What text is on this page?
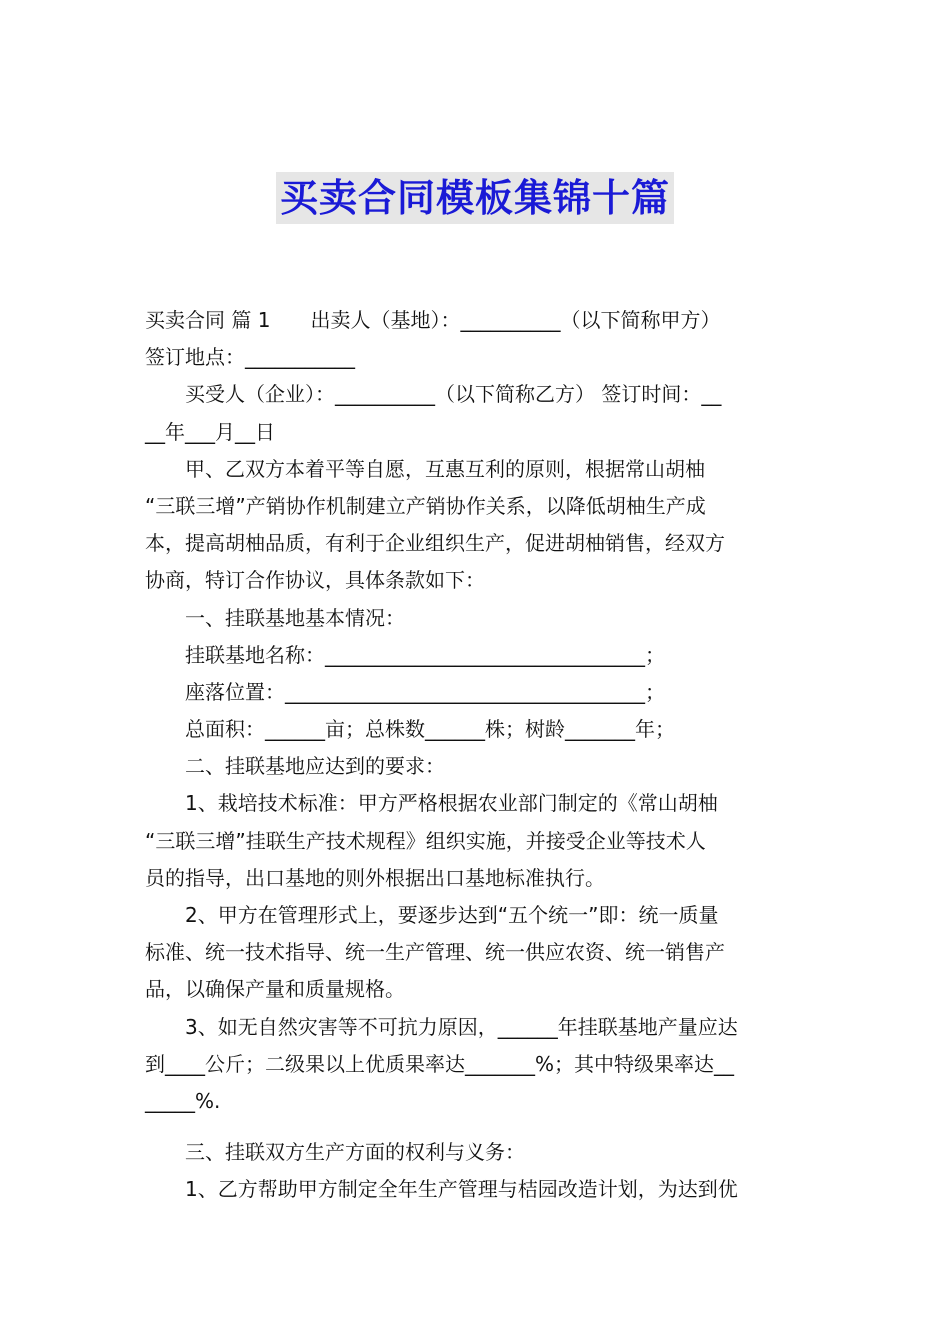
买卖合同模板集锦十篇
买卖合同 篇 1　　出卖人（基地）：__________（以下简称甲方）
签订地点：___________
　　买受人（企业）：__________（以下简称乙方） 签订时间：__
__年___月__日
　　甲、乙双方本着平等自愿，互惠互利的原则，根据常山胡柚
“三联三增”产销协作机制建立产销协作关系，以降低胡柚生产成
本，提高胡柚品质，有利于企业组织生产，促进胡柚销售，经双方
协商，特订合作协议，具体条款如下：
　　一、挂联基地基本情况：
　　挂联基地名称：________________________________；
　　座落位置：____________________________________；
　　总面积：______亩；总株数______株；树龄_______年；
　　二、挂联基地应达到的要求：
　　1、栽培技术标准：甲方严格根据农业部门制定的《常山胡柚
“三联三增”挂联生产技术规程》组织实施，并接受企业等技术人
员的指导，出口基地的则外根据出口基地标准执行。
　　2、甲方在管理形式上，要逐步达到“五个统一”即：统一质量
标准、统一技术指导、统一生产管理、统一供应农资、统一销售产
品，以确保产量和质量规格。
　　3、如无自然灾害等不可抗力原因，______年挂联基地产量应达
到____公斤；二级果以上优质果率达_______%；其中特级果率达__
_____%.
　　三、挂联双方生产方面的权利与义务：
　　1、乙方帮助甲方制定全年生产管理与桔园改造计划，为达到优
